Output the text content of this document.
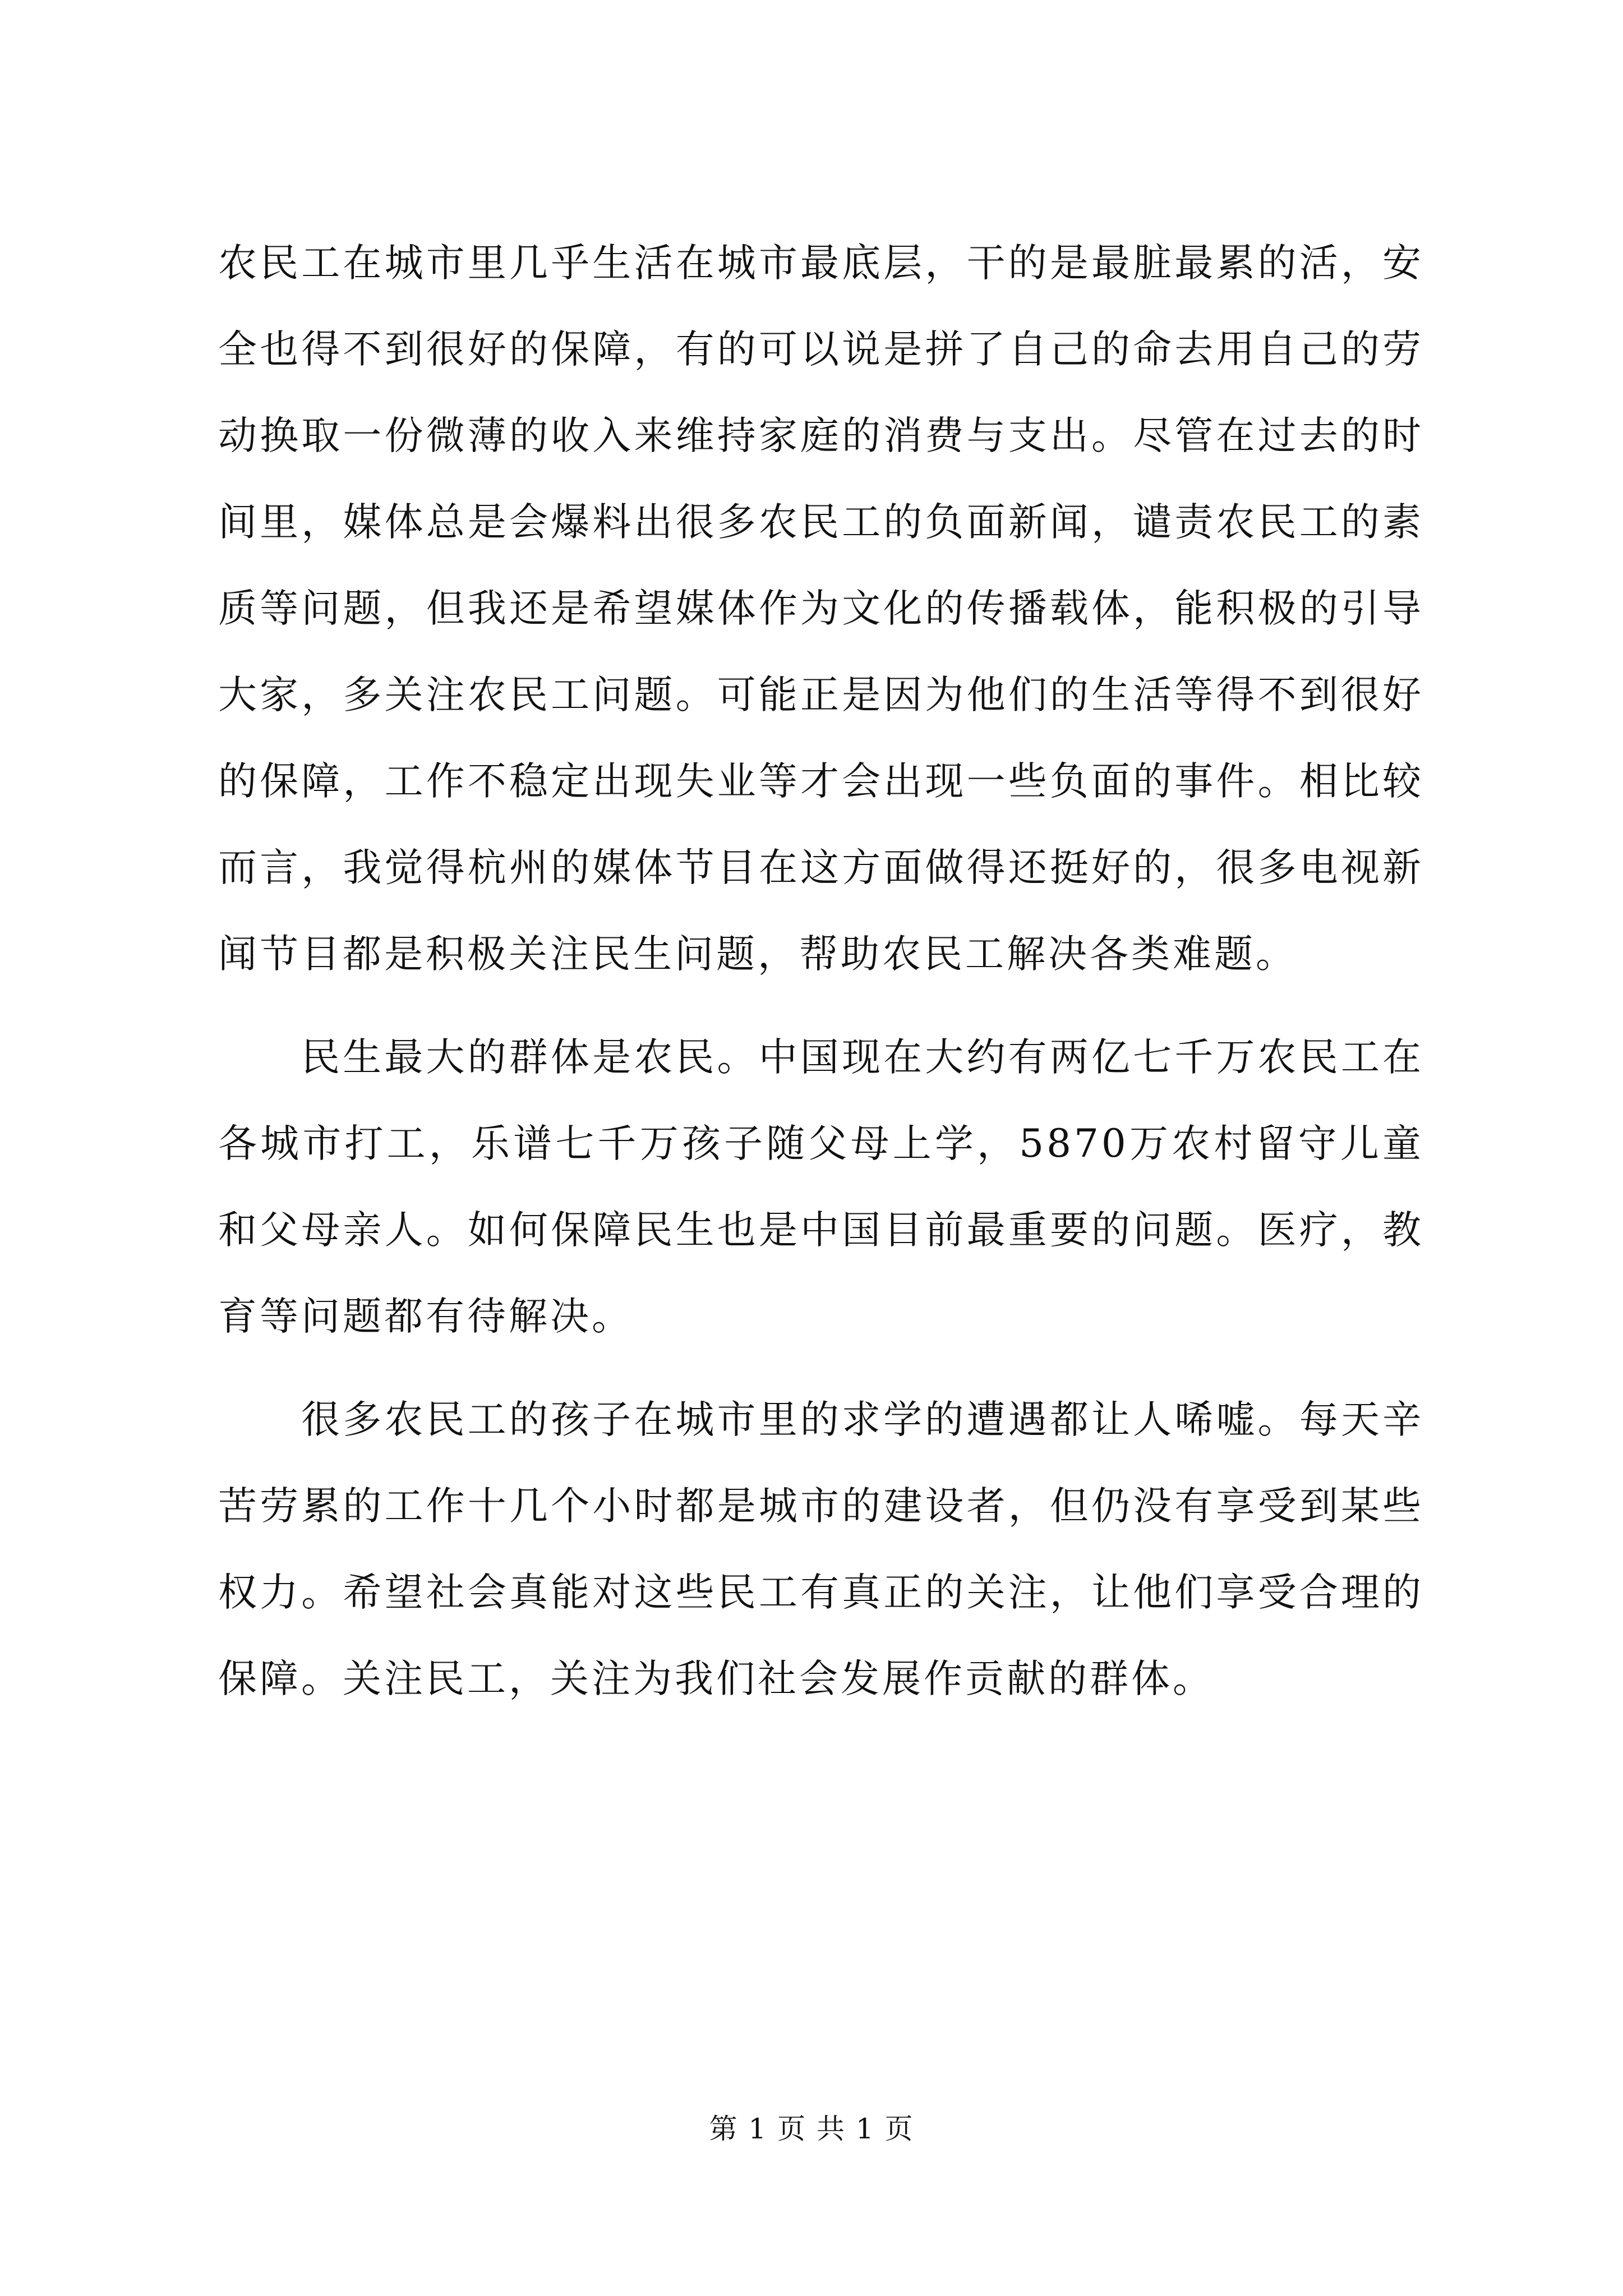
农民工在城市里几乎生活在城市最底层，干的是最脏最累的活，安全也得不到很好的保障，有的可以说是拼了自己的命去用自己的劳动换取一份微薄的收入来维持家庭的消费与支出。尽管在过去的时间里，媒体总是会爆料出很多农民工的负面新闻，谴责农民工的素质等问题，但我还是希望媒体作为文化的传播载体，能积极的引导大家，多关注农民工问题。可能正是因为他们的生活等得不到很好的保障，工作不稳定出现失业等才会出现一些负面的事件。相比较而言，我觉得杭州的媒体节目在这方面做得还挺好的，很多电视新闻节目都是积极关注民生问题，帮助农民工解决各类难题。

民生最大的群体是农民。中国现在大约有两亿七千万农民工在各城市打工，乐谱七千万孩子随父母上学，5870万农村留守儿童和父母亲人。如何保障民生也是中国目前最重要的问题。医疗，教育等问题都有待解决。

很多农民工的孩子在城市里的求学的遭遇都让人唏嘘。每天辛苦劳累的工作十几个小时都是城市的建设者，但仍没有享受到某些权力。希望社会真能对这些民工有真正的关注，让他们享受合理的保障。关注民工，关注为我们社会发展作贡献的群体。

第 1 页 共 1 页
